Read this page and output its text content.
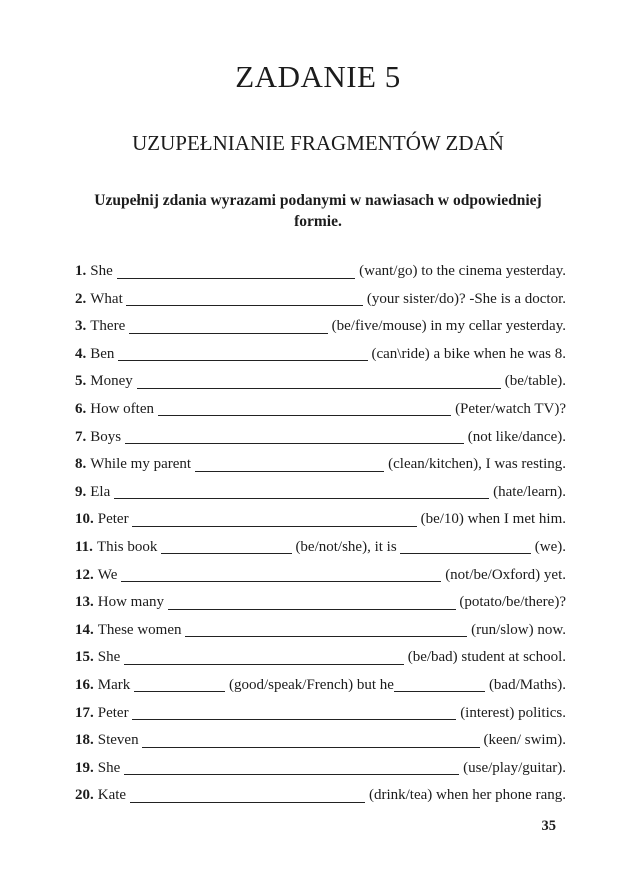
ZADANIE 5
UZUPEŁNIANIE FRAGMENTÓW ZDAŃ

Uzupełnij zdania wyrazami podanymi w nawiasach w odpowiedniej formie.

1. She	(want/go) to the cinema yesterday.
2. What	(your sister/do)? -She is a doctor.
3. There	(be/five/mouse) in my cellar yesterday.
4. Ben	(can\ride) a bike when he was 8.
5. Money	(be/table).
6. How often	(Peter/watch TV)?
7. Boys	(not like/dance).
8. While my parent	(clean/kitchen), I was resting.
9. Ela	(hate/learn).
10. Peter	(be/10) when I met him.
11. This book	(be/not/she), it is	(we).
12. We	(not/be/Oxford) yet.
13. How many	(potato/be/there)?
14. These women	(run/slow) now.
15. She	(be/bad) student at school.
16. Mark	(good/speak/French) but he	(bad/Maths).
17. Peter	(interest) politics.
18. Steven	(keen/ swim).
19. She	(use/play/guitar).
20. Kate	(drink/tea) when her phone rang.
35
